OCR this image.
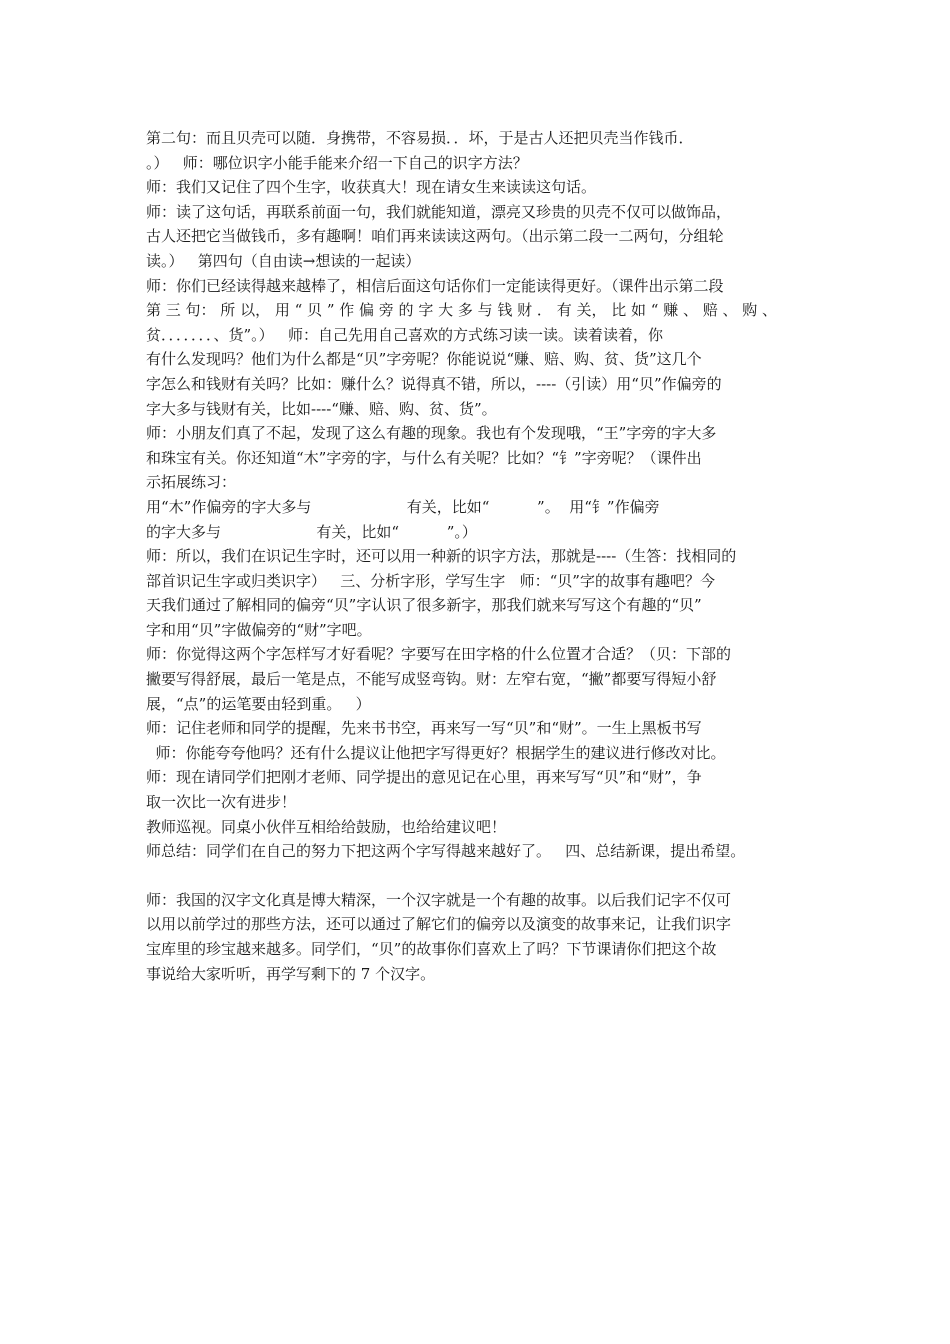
第二句：而且贝壳可以随．身携带，不容易损．．坏，于是古人还把贝壳当作钱币．
。）   师：哪位识字小能手能来介绍一下自己的识字方法？
师：我们又记住了四个生字，收获真大！现在请女生来读读这句话。
师：读了这句话，再联系前面一句，我们就能知道，漂亮又珍贵的贝壳不仅可以做饰品，
古人还把它当做钱币，多有趣啊！咱们再来读读这两句。（出示第二段一二两句，分组轮
读。）   第四句（自由读→想读的一起读）
师：你们已经读得越来越棒了，相信后面这句话你们一定能读得更好。（课件出示第二段
第 三 句： 所 以， 用 “ 贝 ” 作 偏 旁 的 字 大 多 与 钱 财 ． 有 关， 比 如 “ 赚 、 赔 、 购 、
贫．．．．．．．、货”。）   师：自己先用自己喜欢的方式练习读一读。读着读着，你
有什么发现吗？他们为什么都是“贝”字旁呢？你能说说“赚、赔、购、贫、货”这几个
字怎么和钱财有关吗？比如：赚什么？说得真不错，所以，----（引读）用“贝”作偏旁的
字大多与钱财有关，比如----“赚、赔、购、贫、货”。
师：小朋友们真了不起，发现了这么有趣的现象。我也有个发现哦，“王”字旁的字大多
和珠宝有关。你还知道“木”字旁的字，与什么有关呢？比如？“钅”字旁呢？（课件出
示拓展练习：
用“木”作偏旁的字大多与                    有关，比如“          ”。  用“钅”作偏旁
的字大多与                    有关，比如“          ”。）
师：所以，我们在识记生字时，还可以用一种新的识字方法，那就是----（生答：找相同的
部首识记生字或归类识字）   三、分析字形，学写生字   师：“贝”字的故事有趣吧？今
天我们通过了解相同的偏旁“贝”字认识了很多新字，那我们就来写写这个有趣的“贝”
字和用“贝”字做偏旁的“财”字吧。
师：你觉得这两个字怎样写才好看呢？字要写在田字格的什么位置才合适？（贝：下部的
撇要写得舒展，最后一笔是点，不能写成竖弯钩。财：左窄右宽，“撇”都要写得短小舒
展，“点”的运笔要由轻到重。   ）
师：记住老师和同学的提醒，先来书书空，再来写一写“贝”和“财”。一生上黑板书写
师：你能夸夸他吗？还有什么提议让他把字写得更好？根据学生的建议进行修改对比。
师：现在请同学们把刚才老师、同学提出的意见记在心里，再来写写“贝”和“财”，争
取一次比一次有进步！
教师巡视。同桌小伙伴互相给给鼓励，也给给建议吧！
师总结：同学们在自己的努力下把这两个字写得越来越好了。   四、总结新课，提出希望。
师：我国的汉字文化真是博大精深，一个汉字就是一个有趣的故事。以后我们记字不仅可
以用以前学过的那些方法，还可以通过了解它们的偏旁以及演变的故事来记，让我们识字
宝库里的珍宝越来越多。同学们，“贝”的故事你们喜欢上了吗？下节课请你们把这个故
事说给大家听听，再学写剩下的 7 个汉字。
